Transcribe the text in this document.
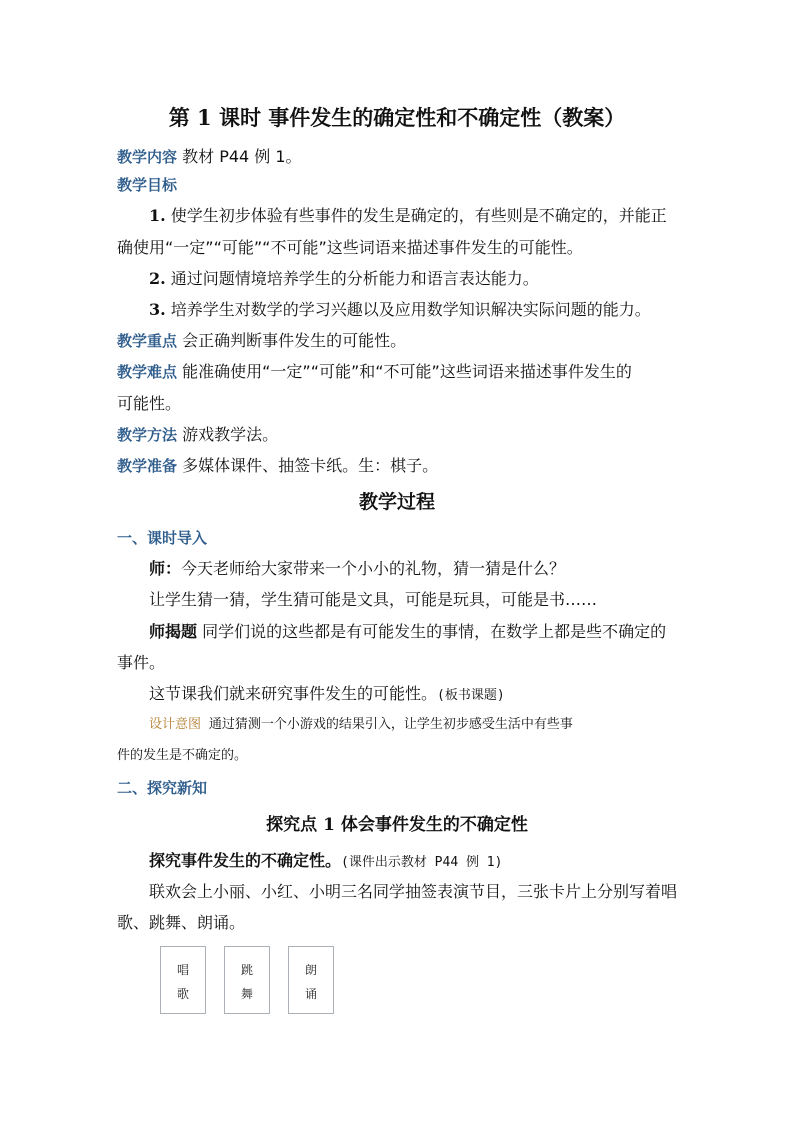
第 1 课时 事件发生的确定性和不确定性（教案）
教学内容 教材 P44 例 1。
教学目标
1. 使学生初步体验有些事件的发生是确定的，有些则是不确定的，并能正
确使用“一定”“可能”“不可能”这些词语来描述事件发生的可能性。
2. 通过问题情境培养学生的分析能力和语言表达能力。
3. 培养学生对数学的学习兴趣以及应用数学知识解决实际问题的能力。
教学重点 会正确判断事件发生的可能性。
教学难点 能准确使用“一定”“可能”和“不可能”这些词语来描述事件发生的
可能性。
教学方法 游戏教学法。
教学准备 多媒体课件、抽签卡纸。生：棋子。
教学过程
一、课时导入
师：今天老师给大家带来一个小小的礼物，猜一猜是什么？
让学生猜一猜，学生猜可能是文具，可能是玩具，可能是书……
师揭题 同学们说的这些都是有可能发生的事情，在数学上都是些不确定的
事件。
这节课我们就来研究事件发生的可能性。(板书课题)
设计意图 通过猜测一个小游戏的结果引入，让学生初步感受生活中有些事
件的发生是不确定的。
二、探究新知
探究点 1 体会事件发生的不确定性
探究事件发生的不确定性。(课件出示教材 P44 例 1)
联欢会上小丽、小红、小明三名同学抽签表演节目，三张卡片上分别写着唱
歌、跳舞、朗诵。
唱
歌
跳
舞
朗
诵
